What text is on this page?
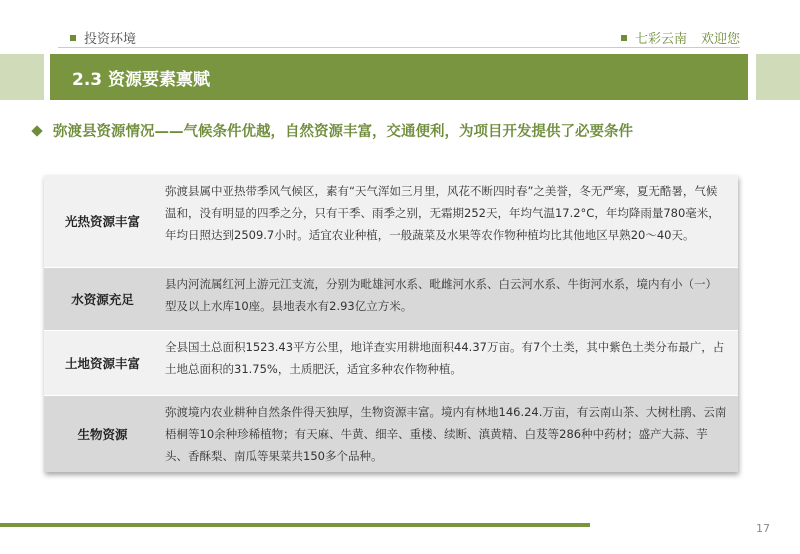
投资环境	七彩云南 欢迎您
2.3 资源要素禀赋
弥渡县资源情况——气候条件优越，自然资源丰富，交通便利，为项目开发提供了必要条件
光热资源丰富
弥渡县属中亚热带季风气候区，素有“天气浑如三月里，风花不断四时春”之美誉，冬无严寒，夏无酷暑，气候温和，没有明显的四季之分，只有干季、雨季之别，无霜期252天，年均气温17.2°C，年均降雨量780毫米，年均日照达到2509.7小时。适宜农业种植，一般蔬菜及水果等农作物种植均比其他地区早熟20～40天。
水资源充足
县内河流属红河上游元江支流，分别为毗雄河水系、毗雌河水系、白云河水系、牛街河水系，境内有小（一）型及以上水库10座。县地表水有2.93亿立方米。
土地资源丰富
全县国土总面积1523.43平方公里，地详查实用耕地面积44.37万亩。有7个土类，其中紫色土类分布最广，占土地总面积的31.75%，土质肥沃，适宜多种农作物种植。
生物资源
弥渡境内农业耕种自然条件得天独厚，生物资源丰富。境内有林地146.24.万亩，有云南山茶、大树杜鹃、云南梧桐等10余种珍稀植物；有天麻、牛黄、细辛、重楼、续断、滇黄精、白芨等286种中药材；盛产大蒜、芋头、香酥梨、南瓜等果菜共150多个品种。
17
